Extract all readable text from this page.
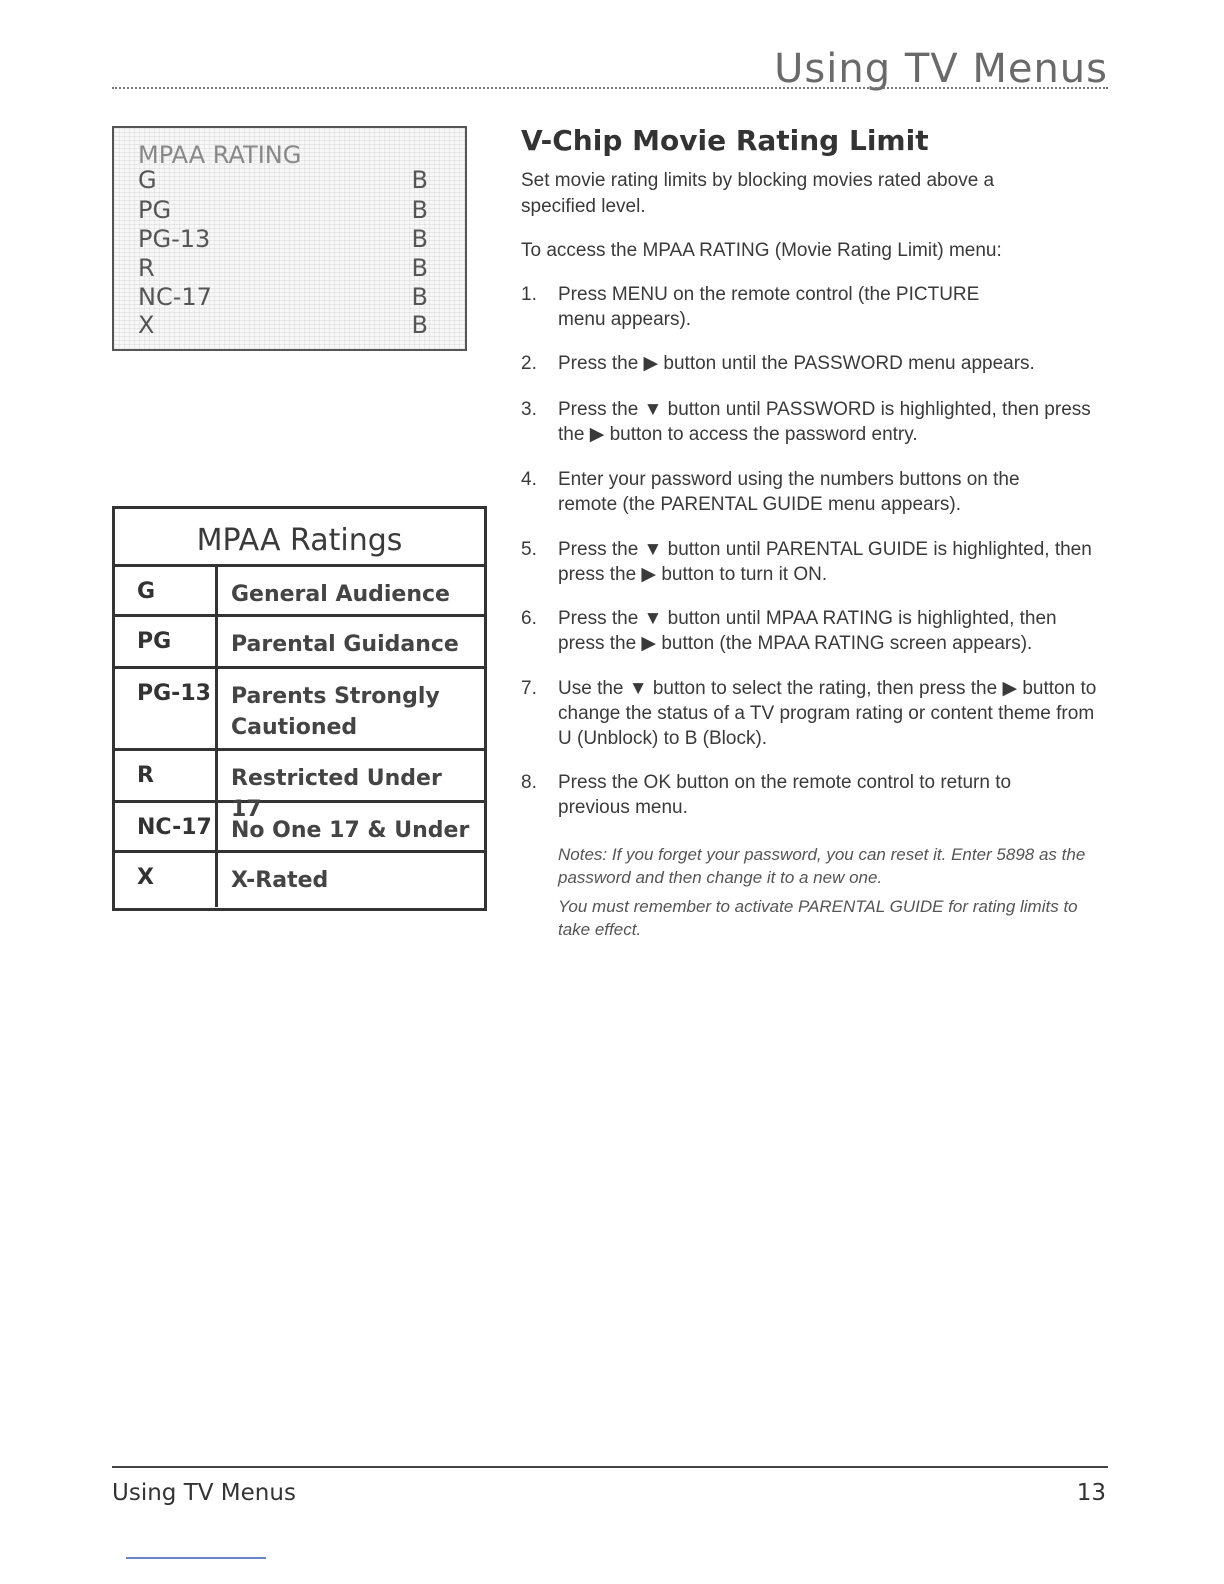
Using TV Menus
MPAA RATING
G	B
PG	B
PG-13	B
R	B
NC-17	B
X	B
MPAA Ratings
G	General Audience
PG	Parental Guidance
PG-13 Parents Strongly Cautioned
R	Restricted Under 17
NC-17 No One 17 & Under
X	X-Rated
V-Chip Movie Rating Limit
Set movie rating limits by blocking movies rated above a specified level.
To access the MPAA RATING (Movie Rating Limit) menu:
1.	Press MENU on the remote control (the PICTURE menu appears).
2.	Press the ▶ button until the PASSWORD menu appears.
3.	Press the ▼ button until PASSWORD is highlighted, then press the ▶ button to access the password entry.
4.	Enter your password using the numbers buttons on the remote (the PARENTAL GUIDE menu appears).
5.	Press the ▼ button until PARENTAL GUIDE is highlighted, then press the ▶ button to turn it ON.
6.	Press the ▼ button until MPAA RATING is highlighted, then press the ▶ button (the MPAA RATING screen appears).
7.	Use the ▼ button to select the rating, then press the ▶ button to change the status of a TV program rating or content theme from U (Unblock) to B (Block).
8.	Press the OK button on the remote control to return to previous menu.
Notes: If you forget your password, you can reset it. Enter 5898 as the password and then change it to a new one.
You must remember to activate PARENTAL GUIDE for rating limits to take effect.
Using TV Menus	13
